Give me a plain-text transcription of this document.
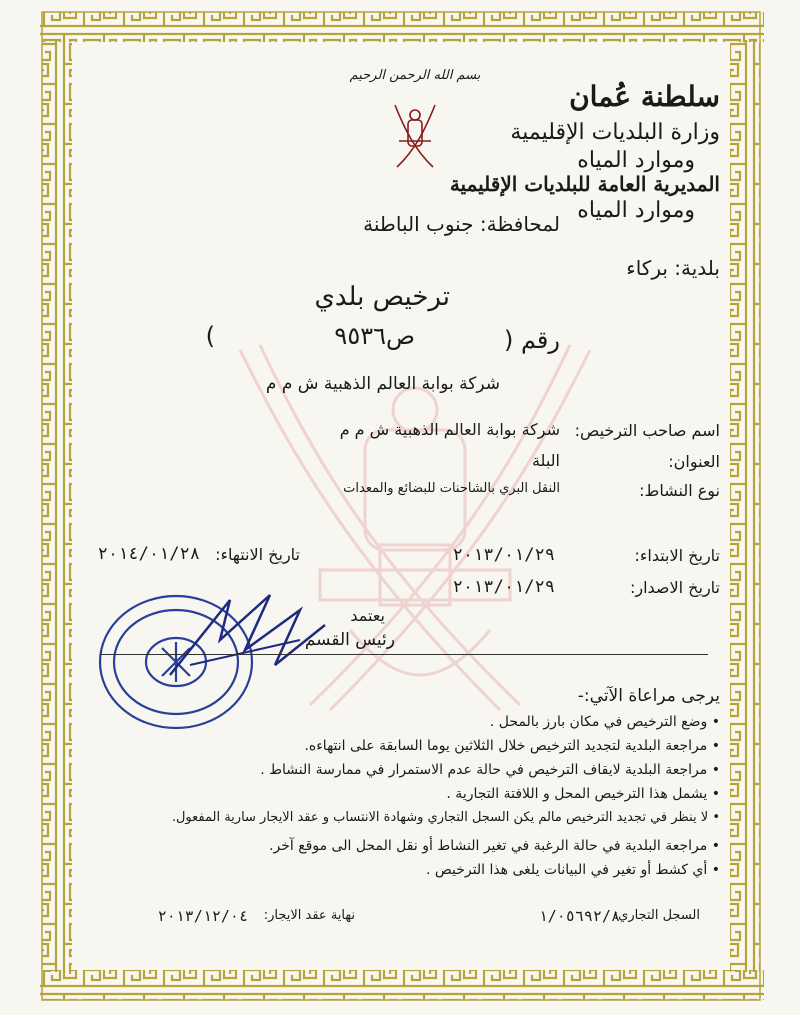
بسم الله الرحمن الرحيم
سلطنة عُمان
وزارة البلديات الإقليمية
وموارد المياه
المديرية العامة للبلديات الإقليمية
وموارد المياه
لمحافظة: جنوب الباطنة
بلدية: بركاء
ترخيص بلدي
رقم (
ص٩٥٣٦
)
شركة بوابة العالم الذهبية ش م م
اسم صاحب الترخيص:
شركة بوابة العالم الذهبية ش م م
العنوان:
البلة
نوع النشاط:
النقل البري بالشاحنات للبضائع والمعدات
تاريخ الابتداء:
٢٠١٣/٠١/٢٩
تاريخ الانتهاء:
٢٠١٤/٠١/٢٨
تاريخ الاصدار:
٢٠١٣/٠١/٢٩
يعتمد
رئيس القسم
يرجى مراعاة الآتي:-
• وضع الترخيص في مكان بارز بالمحل .
• مراجعة البلدية لتجديد الترخيص خلال الثلاثين يوما السابقة على انتهاءه.
• مراجعة البلدية لايقاف الترخيص في حالة عدم الاستمرار في ممارسة النشاط .
• يشمل هذا الترخيص المحل و اللافتة التجارية .
• لا ينظر في تجديد الترخيص مالم يكن السجل التجاري وشهادة الانتساب و عقد الايجار سارية المفعول.
• مراجعة البلدية في حالة الرغبة في تغير النشاط أو نقل المحل الى موقع آخر.
• أي كشط أو تغير في البيانات يلغى هذا الترخيص .
السجل التجاري:
١/٠٥٦٩٢/٨
نهاية عقد الايجار:
٢٠١٣/١٢/٠٤
